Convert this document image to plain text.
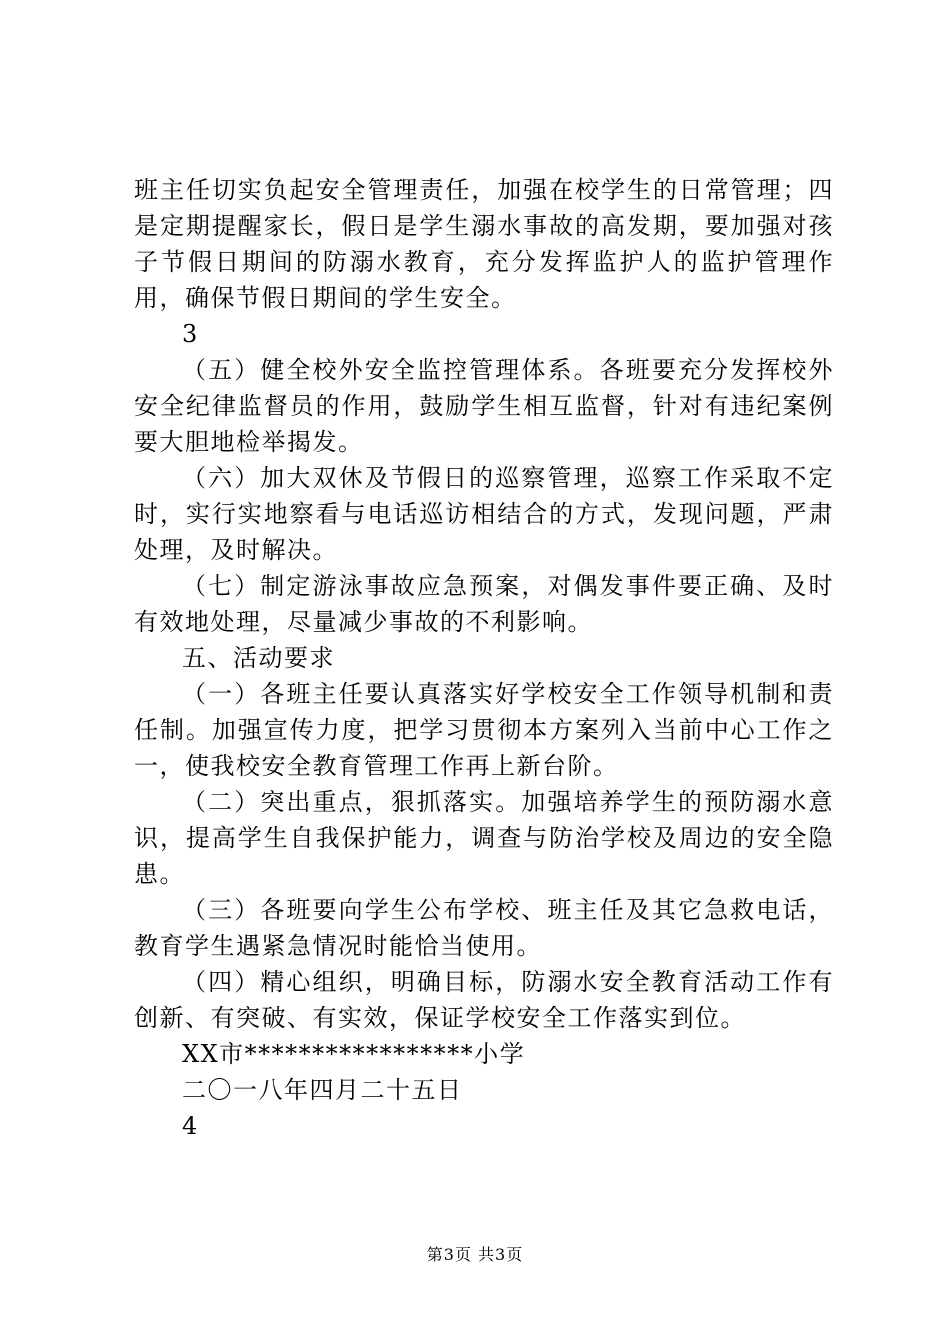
班主任切实负起安全管理责任，加强在校学生的日常管理；四是定期提醒家长，假日是学生溺水事故的高发期，要加强对孩子节假日期间的防溺水教育，充分发挥监护人的监护管理作用，确保节假日期间的学生安全。

3

（五）健全校外安全监控管理体系。各班要充分发挥校外安全纪律监督员的作用，鼓励学生相互监督，针对有违纪案例要大胆地检举揭发。

（六）加大双休及节假日的巡察管理，巡察工作采取不定时，实行实地察看与电话巡访相结合的方式，发现问题，严肃处理，及时解决。

（七）制定游泳事故应急预案，对偶发事件要正确、及时有效地处理，尽量减少事故的不利影响。

五、活动要求

（一）各班主任要认真落实好学校安全工作领导机制和责任制。加强宣传力度，把学习贯彻本方案列入当前中心工作之一，使我校安全教育管理工作再上新台阶。

（二）突出重点，狠抓落实。加强培养学生的预防溺水意识，提高学生自我保护能力，调查与防治学校及周边的安全隐患。

（三）各班要向学生公布学校、班主任及其它急救电话，教育学生遇紧急情况时能恰当使用。

（四）精心组织，明确目标，防溺水安全教育活动工作有创新、有突破、有实效，保证学校安全工作落实到位。

XX市*****************小学

二〇一八年四月二十五日

4

第3页 共3页
